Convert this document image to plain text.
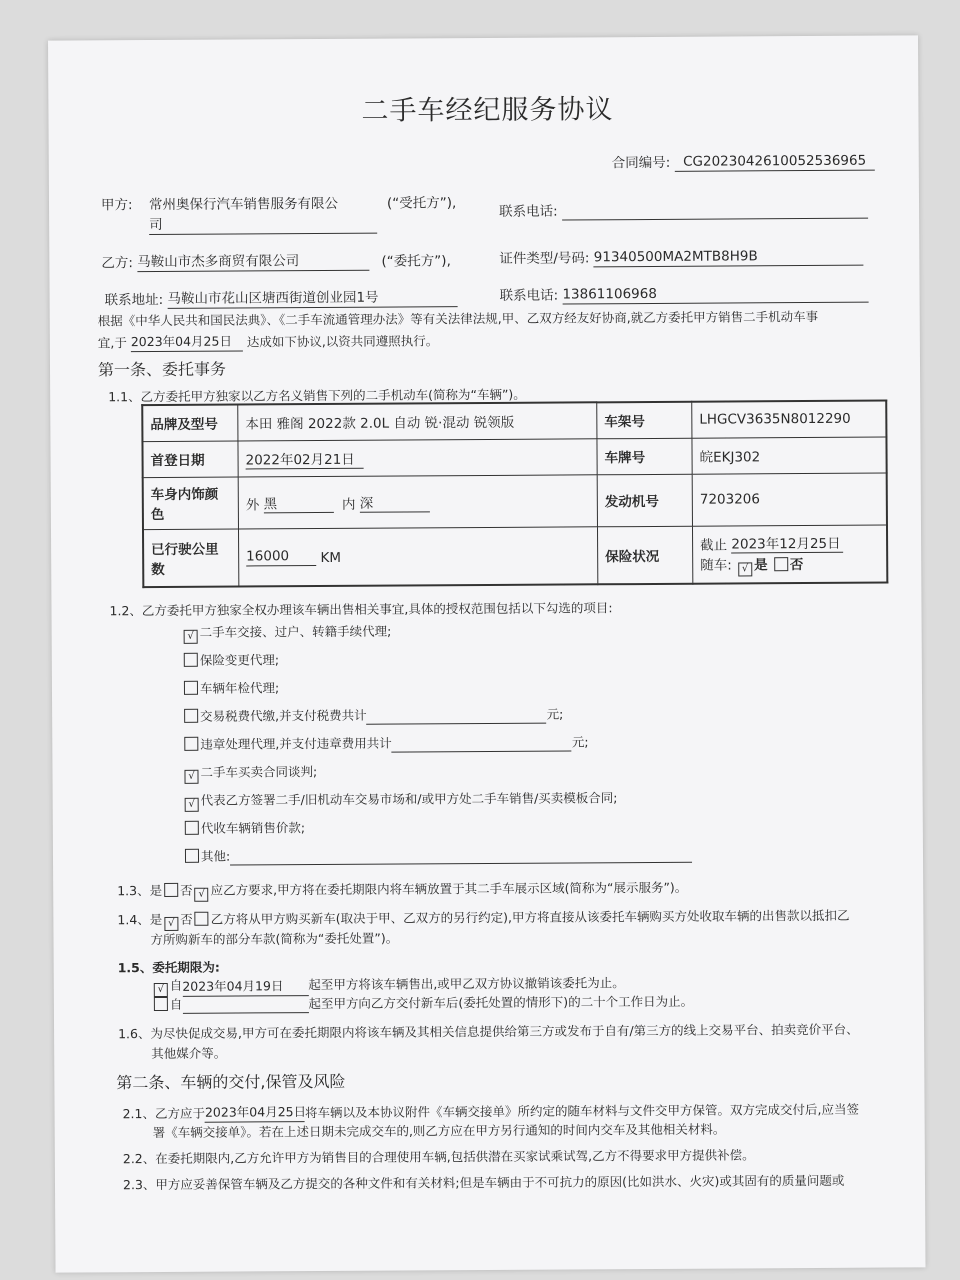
二手车经纪服务协议
合同编号: CG2023042610052536965
甲方: 常州奥保行汽车销售服务有限公
司
(“受托方”),
联系电话:
乙方: 马鞍山市杰多商贸有限公司	(“委托方”),	证件类型/号码: 91340500MA2MTB8H9B
联系地址: 马鞍山市花山区塘西街道创业园1号	联系电话: 13861106968
根据《中华人民共和国民法典》、《二手车流通管理办法》等有关法律法规,甲、乙双方经友好协商,就乙方委托甲方销售二手机动车事
宜,于 2023年04月25日 达成如下协议,以资共同遵照执行。
第一条、委托事务
1.1、乙方委托甲方独家以乙方名义销售下列的二手机动车(简称为“车辆”)。
品牌及型号	本田 雅阁 2022款 2.0L 自动 锐·混动 锐领版	车架号	LHGCV3635N8012290
首登日期	2022年02月21日	车牌号	皖EKJ302
车身内饰颜色	外 黑 内 深	发动机号	7203206
已行驶公里数	16000 KM	保险状况	截止 2023年12月25日
随车: √ 是 否
1.2、乙方委托甲方独家全权办理该车辆出售相关事宜,具体的授权范围包括以下勾选的项目:
√ 二手车交接、过户、转籍手续代理;
保险变更代理;
车辆年检代理;
交易税费代缴,并支付税费共计	元;
违章处理代理,并支付违章费用共计	元;
√ 二手车买卖合同谈判;
√ 代表乙方签署二手/旧机动车交易市场和/或甲方处二手车销售/买卖模板合同;
代收车辆销售价款;
其他:
1.3、是 否 √ 应乙方要求,甲方将在委托期限内将车辆放置于其二手车展示区域(简称为“展示服务”)。
1.4、是 √ 否 乙方将从甲方购买新车(取决于甲、乙双方的另行约定),甲方将直接从该委托车辆购买方处收取车辆的出售款以抵扣乙
方所购新车的部分车款(简称为“委托处置”)。
1.5、委托期限为:
√ 自2023年04月19日 起至甲方将该车辆售出,或甲乙双方协议撤销该委托为止。
自	起至甲方向乙方交付新车后(委托处置的情形下)的二十个工作日为止。
1.6、为尽快促成交易,甲方可在委托期限内将该车辆及其相关信息提供给第三方或发布于自有/第三方的线上交易平台、拍卖竞价平台、
其他媒介等。
第二条、车辆的交付,保管及风险
2.1、乙方应于2023年04月25日将车辆以及本协议附件《车辆交接单》所约定的随车材料与文件交甲方保管。双方完成交付后,应当签
署《车辆交接单》。若在上述日期未完成交车的,则乙方应在甲方另行通知的时间内交车及其他相关材料。
2.2、在委托期限内,乙方允许甲方为销售目的合理使用车辆,包括供潜在买家试乘试驾,乙方不得要求甲方提供补偿。
2.3、甲方应妥善保管车辆及乙方提交的各种文件和有关材料;但是车辆由于不可抗力的原因(比如洪水、火灾)或其固有的质量问题或
